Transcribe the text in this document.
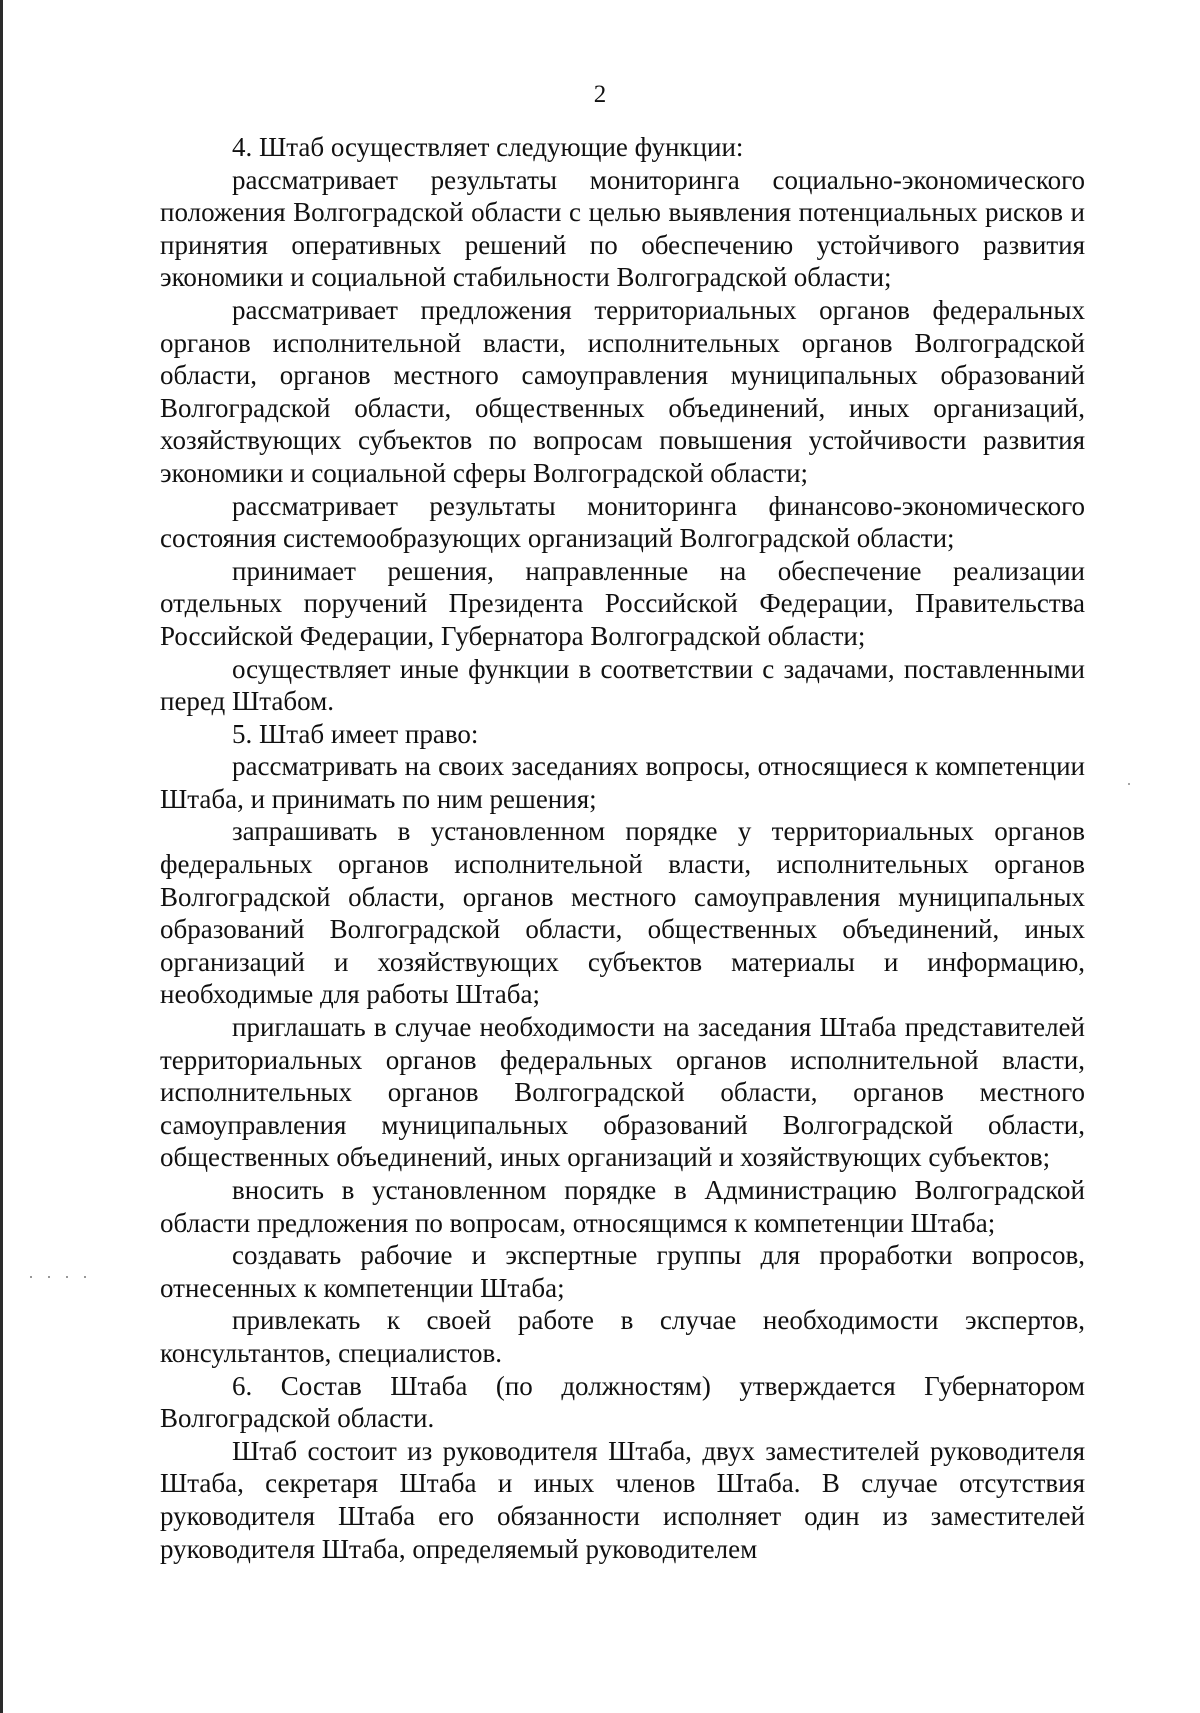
2

4. Штаб осуществляет следующие функции:

рассматривает результаты мониторинга социально-экономического положения Волгоградской области с целью выявления потенциальных рисков и принятия оперативных решений по обеспечению устойчивого развития экономики и социальной стабильности Волгоградской области;

рассматривает предложения территориальных органов федеральных органов исполнительной власти, исполнительных органов Волгоградской области, органов местного самоуправления муниципальных образований Волгоградской области, общественных объединений, иных организаций, хозяйствующих субъектов по вопросам повышения устойчивости развития экономики и социальной сферы Волгоградской области;

рассматривает результаты мониторинга финансово-экономического состояния системообразующих организаций Волгоградской области;

принимает решения, направленные на обеспечение реализации отдельных поручений Президента Российской Федерации, Правительства Российской Федерации, Губернатора Волгоградской области;

осуществляет иные функции в соответствии с задачами, поставленными перед Штабом.

5. Штаб имеет право:

рассматривать на своих заседаниях вопросы, относящиеся к компетенции Штаба, и принимать по ним решения;

запрашивать в установленном порядке у территориальных органов федеральных органов исполнительной власти, исполнительных органов Волгоградской области, органов местного самоуправления муниципальных образований Волгоградской области, общественных объединений, иных организаций и хозяйствующих субъектов материалы и информацию, необходимые для работы Штаба;

приглашать в случае необходимости на заседания Штаба представителей территориальных органов федеральных органов исполнительной власти, исполнительных органов Волгоградской области, органов местного самоуправления муниципальных образований Волгоградской области, общественных объединений, иных организаций и хозяйствующих субъектов;

вносить в установленном порядке в Администрацию Волгоградской области предложения по вопросам, относящимся к компетенции Штаба;

создавать рабочие и экспертные группы для проработки вопросов, отнесенных к компетенции Штаба;

привлекать к своей работе в случае необходимости экспертов, консультантов, специалистов.

6. Состав Штаба (по должностям) утверждается Губернатором Волгоградской области.

Штаб состоит из руководителя Штаба, двух заместителей руководителя Штаба, секретаря Штаба и иных членов Штаба. В случае отсутствия руководителя Штаба его обязанности исполняет один из заместителей руководителя Штаба, определяемый руководителем
